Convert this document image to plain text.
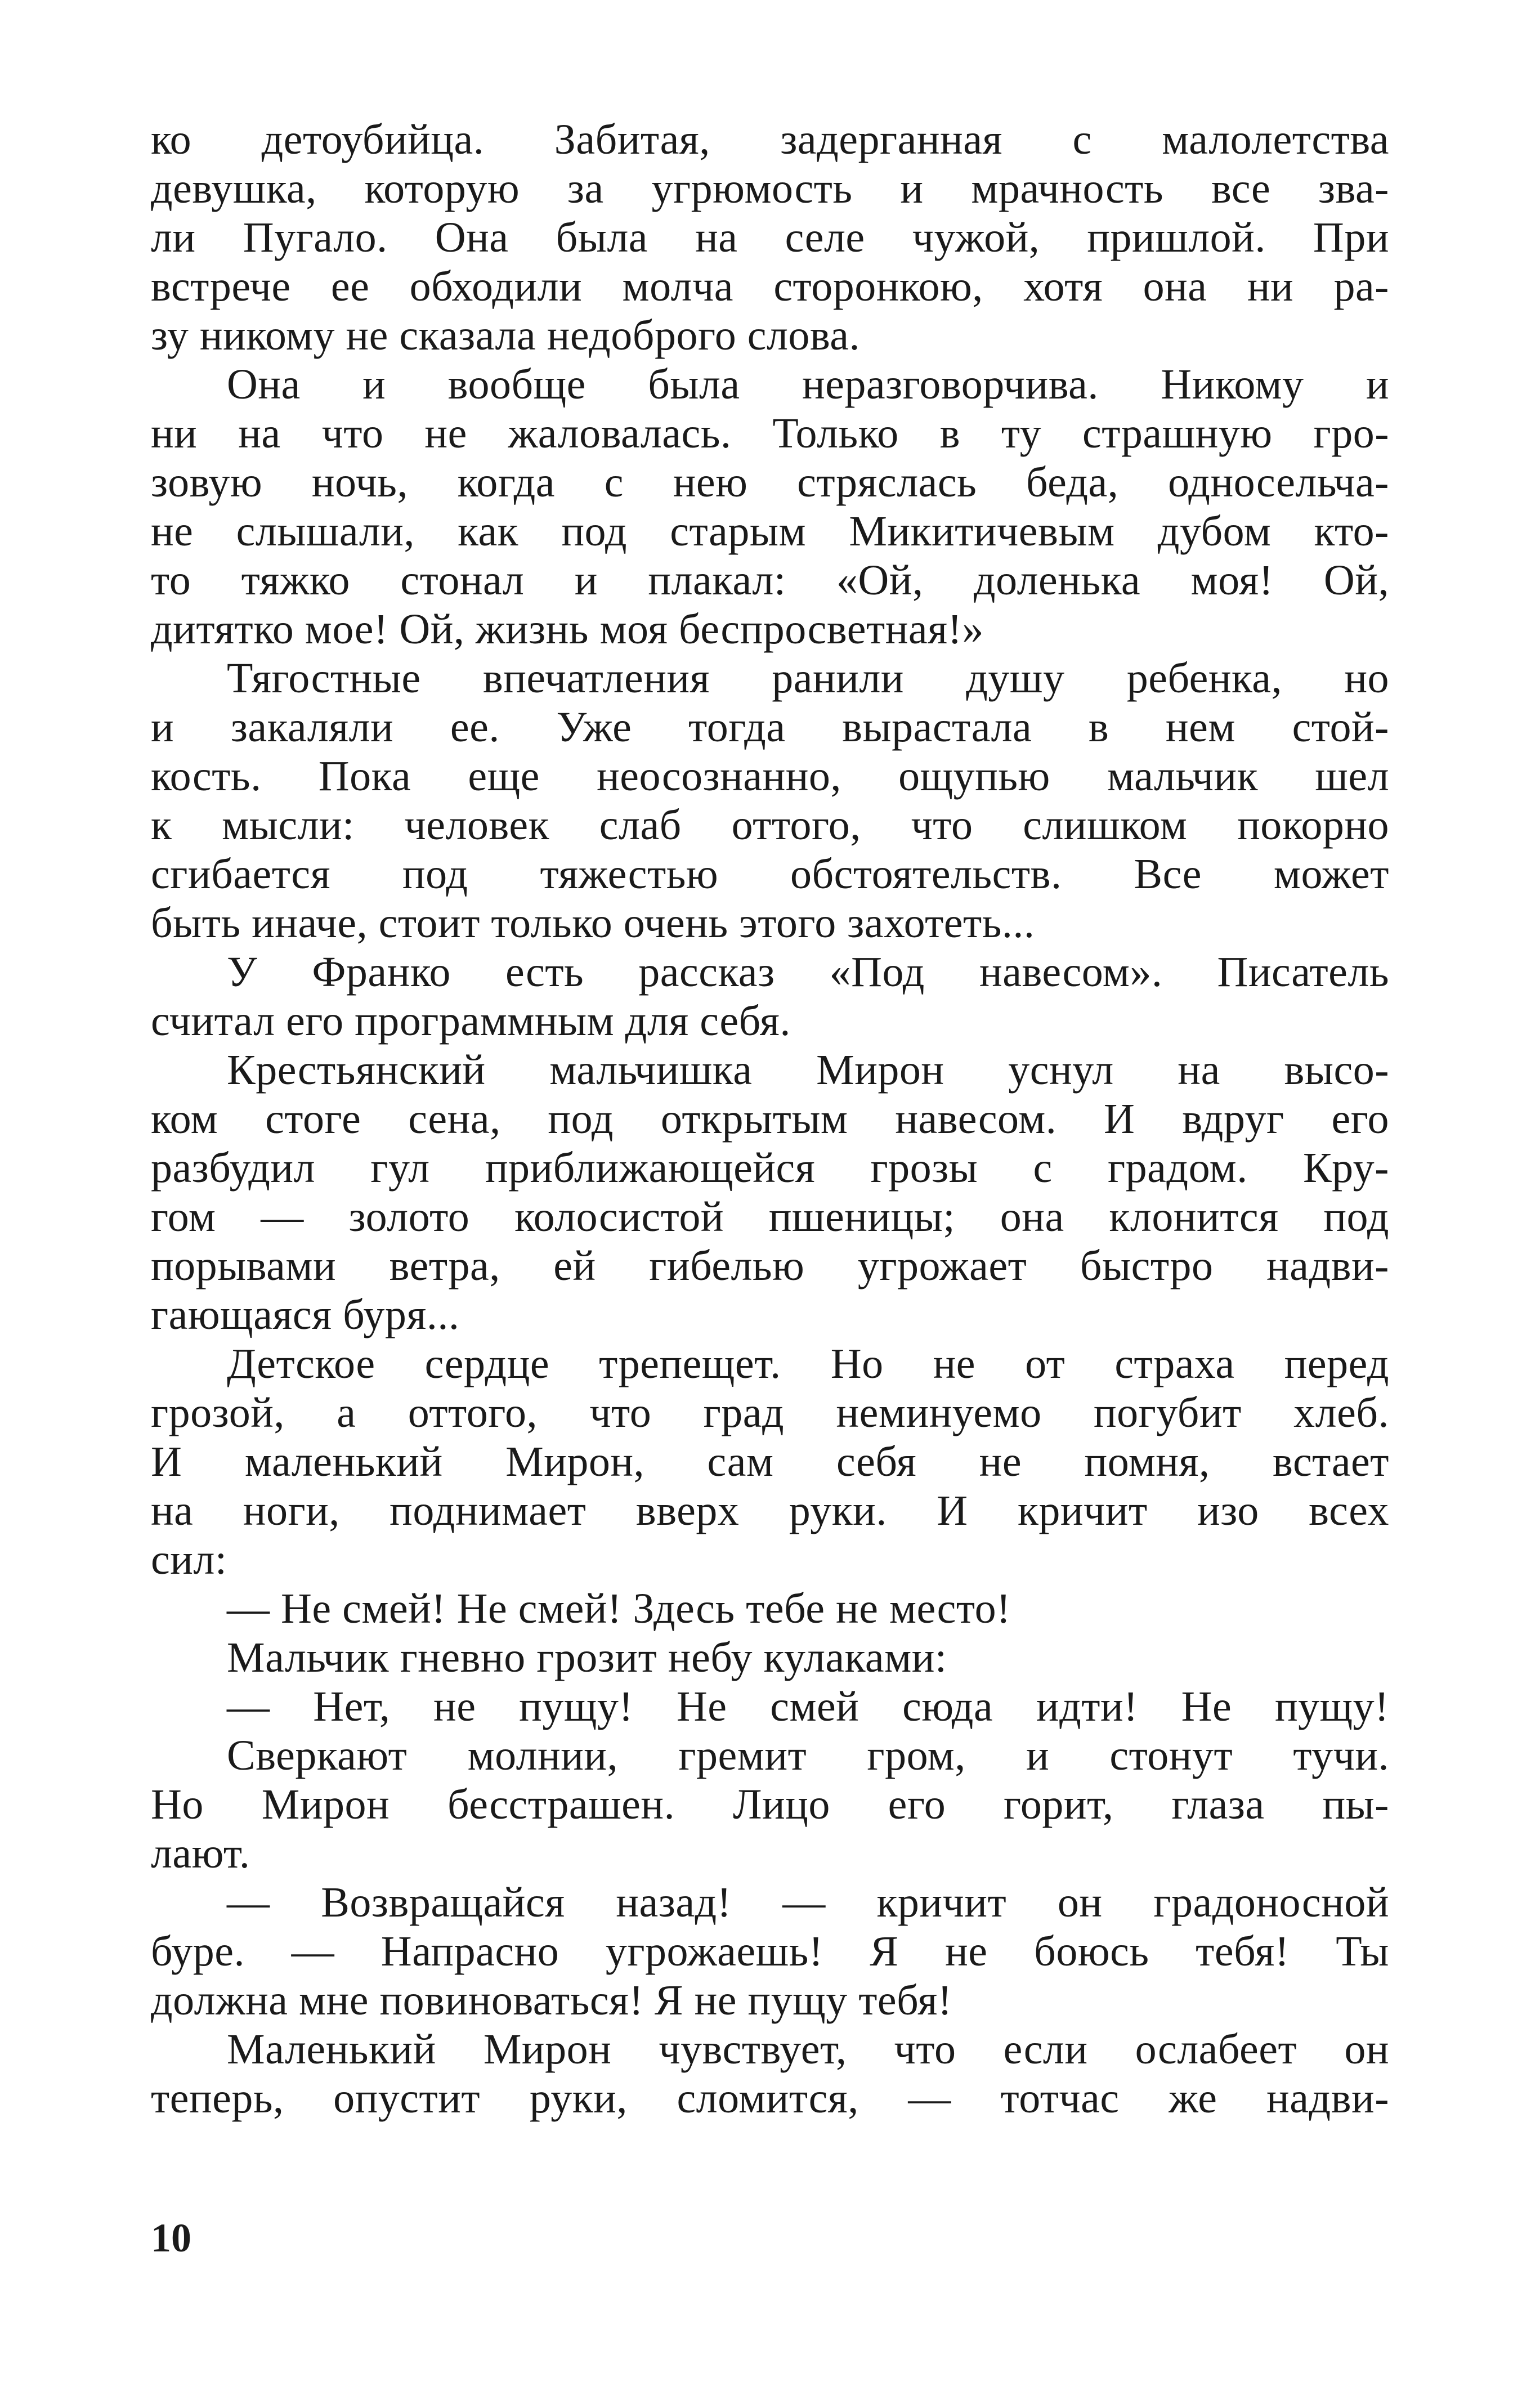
ко детоубийца. Забитая, задерганная с малолетства
девушка, которую за угрюмость и мрачность все зва-
ли Пугало. Она была на селе чужой, пришлой. При
встрече ее обходили молча сторонкою, хотя она ни ра-
зу никому не сказала недоброго слова.
Она и вообще была неразговорчива. Никому и
ни на что не жаловалась. Только в ту страшную гро-
зовую ночь, когда с нею стряслась беда, односельча-
не слышали, как под старым Микитичевым дубом кто-
то тяжко стонал и плакал: «Ой, доленька моя! Ой,
дитятко мое! Ой, жизнь моя беспросветная!»
Тягостные впечатления ранили душу ребенка, но
и закаляли ее. Уже тогда вырастала в нем стой-
кость. Пока еще неосознанно, ощупью мальчик шел
к мысли: человек слаб оттого, что слишком покорно
сгибается под тяжестью обстоятельств. Все может
быть иначе, стоит только очень этого захотеть...
У Франко есть рассказ «Под навесом». Писатель
считал его программным для себя.
Крестьянский мальчишка Мирон уснул на высо-
ком стоге сена, под открытым навесом. И вдруг его
разбудил гул приближающейся грозы с градом. Кру-
гом — золото колосистой пшеницы; она клонится под
порывами ветра, ей гибелью угрожает быстро надви-
гающаяся буря...
Детское сердце трепещет. Но не от страха перед
грозой, а оттого, что град неминуемо погубит хлеб.
И маленький Мирон, сам себя не помня, встает
на ноги, поднимает вверх руки. И кричит изо всех
сил:
— Не смей! Не смей! Здесь тебе не место!
Мальчик гневно грозит небу кулаками:
— Нет, не пущу! Не смей сюда идти! Не пущу!
Сверкают молнии, гремит гром, и стонут тучи.
Но Мирон бесстрашен. Лицо его горит, глаза пы-
лают.
— Возвращайся назад! — кричит он градоносной
буре. — Напрасно угрожаешь! Я не боюсь тебя! Ты
должна мне повиноваться! Я не пущу тебя!
Маленький Мирон чувствует, что если ослабеет он
теперь, опустит руки, сломится, — тотчас же надви-
10
